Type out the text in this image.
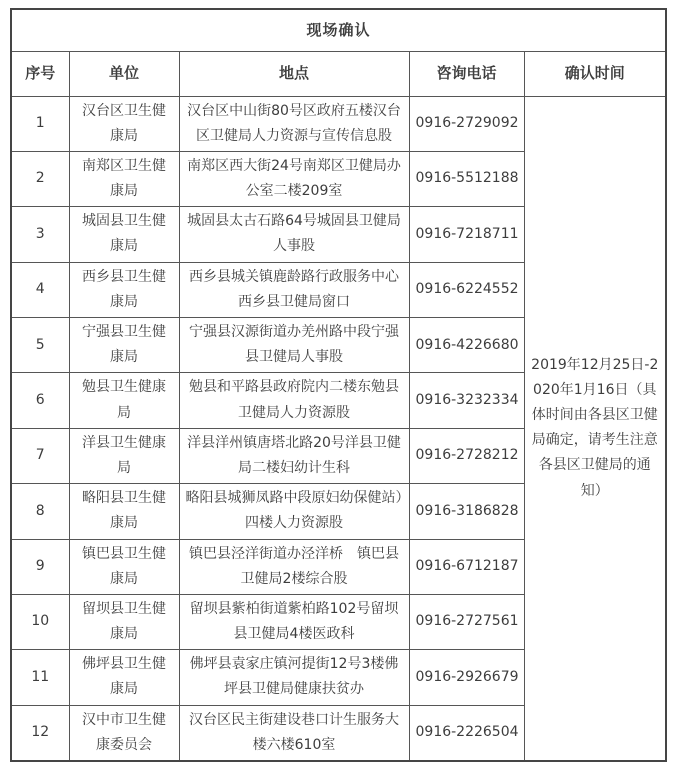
现场确认				
序号	单位	地点	咨询电话	确认时间
1	汉台区卫生健康局	汉台区中山街80号区政府五楼汉台区卫健局人力资源与宣传信息股	0916-2729092	2019年12月25日-2020年1月16日（具体时间由各县区卫健局确定，请考生注意各县区卫健局的通知）
2	南郑区卫生健康局	南郑区西大街24号南郑区卫健局办公室二楼209室	0916-5512188	
3	城固县卫生健康局	城固县太古石路64号城固县卫健局人事股	0916-7218711	
4	西乡县卫生健康局	西乡县城关镇鹿龄路行政服务中心西乡县卫健局窗口	0916-6224552	
5	宁强县卫生健康局	宁强县汉源街道办羌州路中段宁强县卫健局人事股	0916-4226680	
6	勉县卫生健康局	勉县和平路县政府院内二楼东勉县卫健局人力资源股	0916-3232334	
7	洋县卫生健康局	洋县洋州镇唐塔北路20号洋县卫健局二楼妇幼计生科	0916-2728212	
8	略阳县卫生健康局	略阳县城狮凤路中段原妇幼保健站）四楼人力资源股	0916-3186828	
9	镇巴县卫生健康局	镇巴县泾洋街道办泾洋桥　镇巴县卫健局2楼综合股	0916-6712187	
10	留坝县卫生健康局	留坝县紫柏街道紫柏路102号留坝县卫健局4楼医政科	0916-2727561	
11	佛坪县卫生健康局	佛坪县袁家庄镇河提街12号3楼佛坪县卫健局健康扶贫办	0916-2926679	
12	汉中市卫生健康委员会	汉台区民主街建设巷口计生服务大楼六楼610室	0916-2226504	
